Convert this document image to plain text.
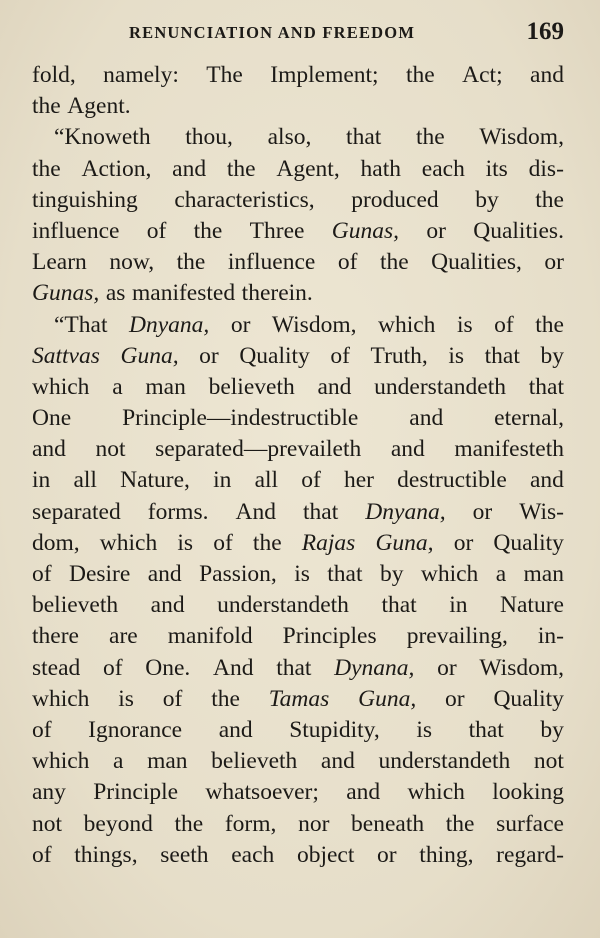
RENUNCIATION AND FREEDOM	169
fold, namely: The Implement; the Act; and
the Agent.
“Knoweth thou, also, that the Wisdom,
the Action, and the Agent, hath each its dis-
tinguishing characteristics, produced by the
influence of the Three Gunas, or Qualities.
Learn now, the influence of the Qualities, or
Gunas, as manifested therein.
“That Dnyana, or Wisdom, which is of the
Sattvas Guna, or Quality of Truth, is that by
which a man believeth and understandeth that
One Principle—indestructible and eternal,
and not separated—prevaileth and manifesteth
in all Nature, in all of her destructible and
separated forms. And that Dnyana, or Wis-
dom, which is of the Rajas Guna, or Quality
of Desire and Passion, is that by which a man
believeth and understandeth that in Nature
there are manifold Principles prevailing, in-
stead of One. And that Dynana, or Wisdom,
which is of the Tamas Guna, or Quality
of Ignorance and Stupidity, is that by
which a man believeth and understandeth not
any Principle whatsoever; and which looking
not beyond the form, nor beneath the surface
of things, seeth each object or thing, regard-
